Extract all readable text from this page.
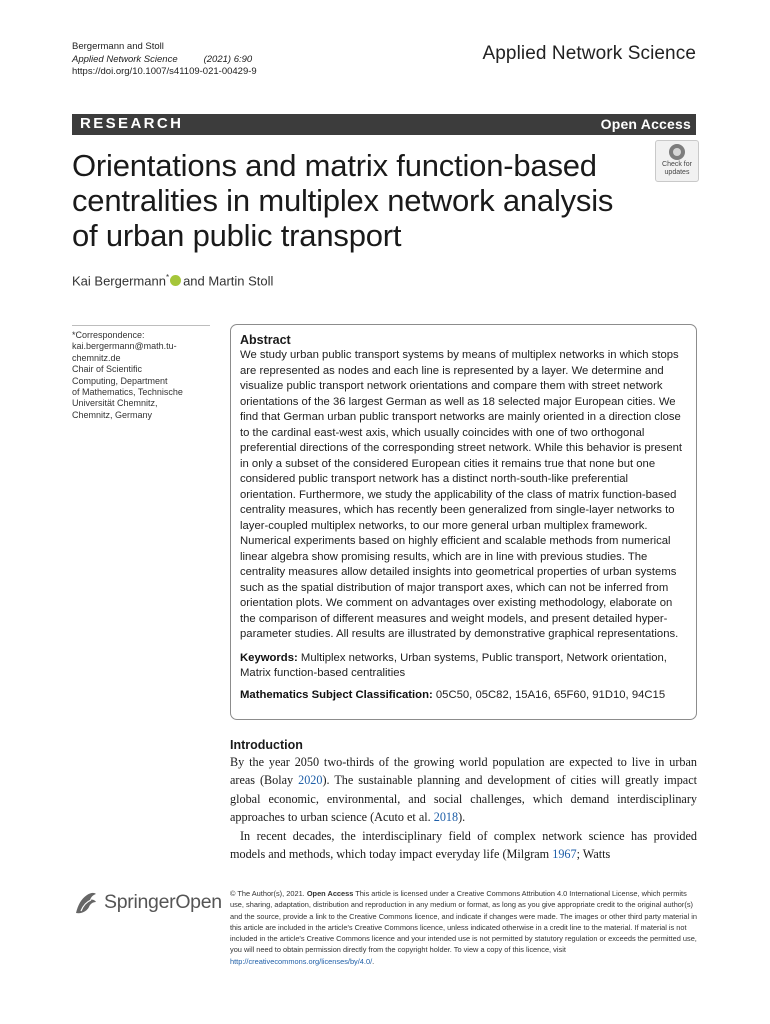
Bergermann and Stoll
Applied Network Science	(2021) 6:90
https://doi.org/10.1007/s41109-021-00429-9
Applied Network Science
RESEARCH	Open Access
Orientations and matrix function-based centralities in multiplex network analysis of urban public transport
Check for
updates
Kai Bergermann* and Martin Stoll
*Correspondence:
kai.bergermann@math.tu-
chemnitz.de
Chair of Scientific
Computing, Department
of Mathematics, Technische
Universität Chemnitz,
Chemnitz, Germany
Abstract

We study urban public transport systems by means of multiplex networks in which stops are represented as nodes and each line is represented by a layer. We determine and visualize public transport network orientations and compare them with street network orientations of the 36 largest German as well as 18 selected major European cities. We find that German urban public transport networks are mainly oriented in a direction close to the cardinal east-west axis, which usually coincides with one of two orthogonal preferential directions of the corresponding street network. While this behavior is present in only a subset of the considered European cities it remains true that none but one considered public transport network has a distinct north-south-like preferential orientation. Furthermore, we study the applicability of the class of matrix function-based centrality measures, which has recently been generalized from single-layer networks to layer-coupled multiplex networks, to our more general urban multiplex framework. Numerical experiments based on highly efficient and scalable methods from numerical linear algebra show promising results, which are in line with previous studies. The centrality measures allow detailed insights into geometrical properties of urban systems such as the spatial distribution of major transport axes, which can not be inferred from orientation plots. We comment on advantages over existing methodology, elaborate on the comparison of different measures and weight models, and present detailed hyper-parameter studies. All results are illustrated by demonstrative graphical representations.

Keywords: Multiplex networks, Urban systems, Public transport, Network orientation, Matrix function-based centralities

Mathematics Subject Classification: 05C50, 05C82, 15A16, 65F60, 91D10, 94C15

Introduction

By the year 2050 two-thirds of the growing world population are expected to live in urban areas (Bolay 2020). The sustainable planning and development of cities will greatly impact global economic, environmental, and social challenges, which demand interdisciplinary approaches to urban science (Acuto et al. 2018).

In recent decades, the interdisciplinary field of complex network science has provided models and methods, which today impact everyday life (Milgram 1967; Watts

SpringerOpen © The Author(s), 2021. Open Access This article is licensed under a Creative Commons Attribution 4.0 International License, which permits use, sharing, adaptation, distribution and reproduction in any medium or format, as long as you give appropriate credit to the original author(s) and the source, provide a link to the Creative Commons licence, and indicate if changes were made. The images or other third party material in this article are included in the article's Creative Commons licence, unless indicated otherwise in a credit line to the material. If material is not included in the article's Creative Commons licence and your intended use is not permitted by statutory regulation or exceeds the permitted use, you will need to obtain permission directly from the copyright holder. To view a copy of this licence, visit http://creativecommons.org/licenses/by/4.0/.
